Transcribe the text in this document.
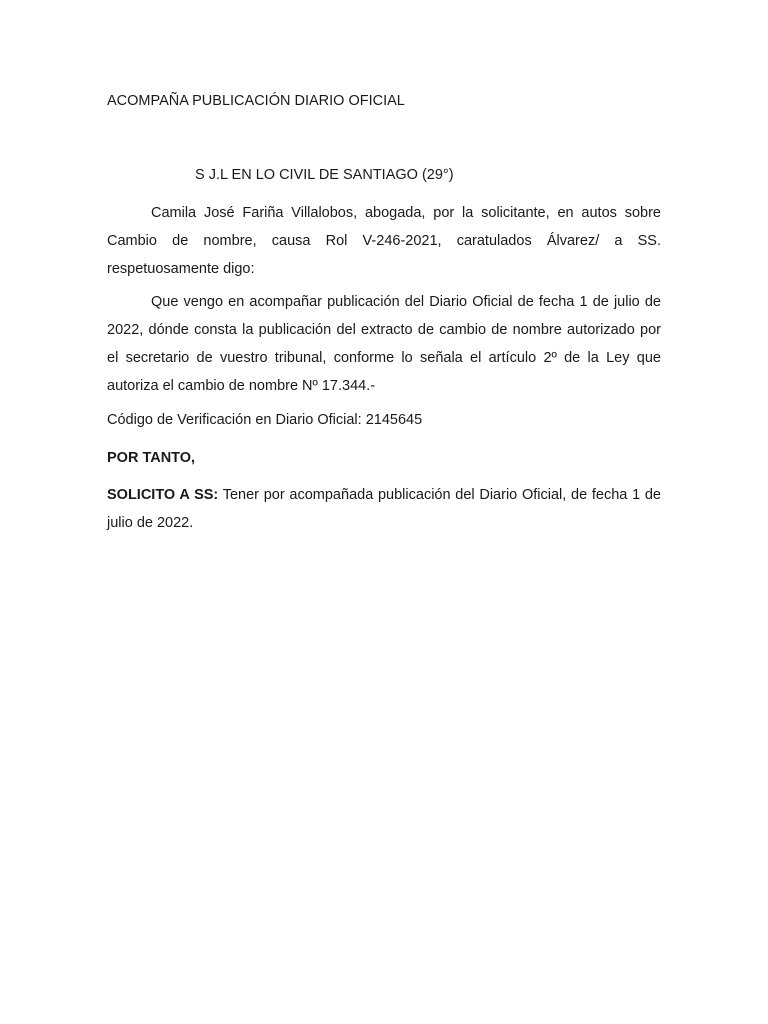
ACOMPAÑA PUBLICACIÓN DIARIO OFICIAL
S J.L EN LO CIVIL DE SANTIAGO (29°)

Camila José Fariña Villalobos, abogada, por la solicitante, en autos sobre Cambio de nombre, causa Rol V-246-2021, caratulados Álvarez/ a SS. respetuosamente digo:

Que vengo en acompañar publicación del Diario Oficial de fecha 1 de julio de 2022, dónde consta la publicación del extracto de cambio de nombre autorizado por el secretario de vuestro tribunal, conforme lo señala el artículo 2º de la Ley que autoriza el cambio de nombre Nº 17.344.-

Código de Verificación en Diario Oficial: 2145645

POR TANTO,

SOLICITO A SS: Tener por acompañada publicación del Diario Oficial, de fecha 1 de julio de 2022.
